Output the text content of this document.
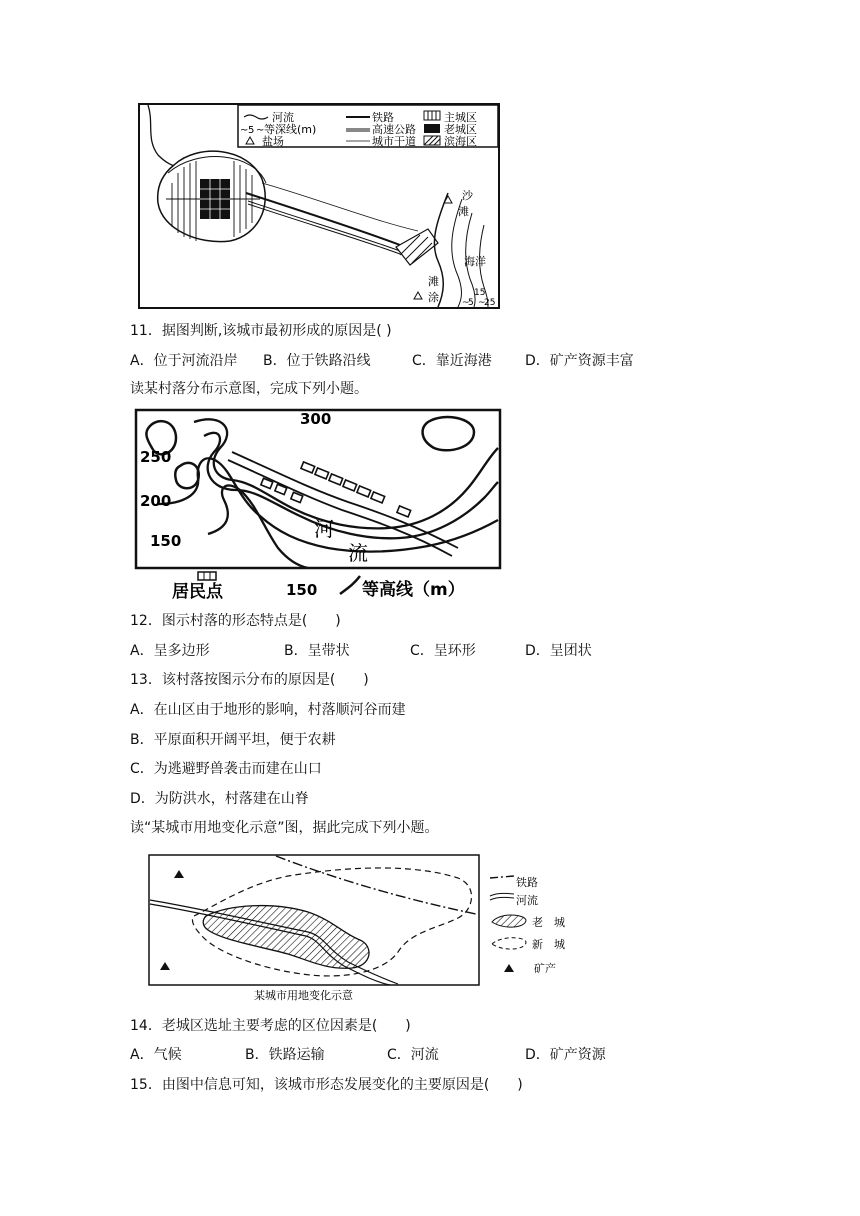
河流	铁路	主城区
~ 5 ~ 等深线(m)	高速公路	老城区
盐场	城市干道	滨海区
沙
滩
海洋
滩
涂	15
~
5 ~
25
11．据图判断,该城市最初形成的原因是( )
A．位于河流沿岸 B．位于铁路沿线	C．靠近海港 D．矿产资源丰富
读某村落分布示意图，完成下列小题。
300
250
200
150	河
流
居民点	150	等高线（m）
12．图示村落的形态特点是(　　)
A．呈多边形	B．呈带状	C．呈环形	D．呈团状
13．该村落按图示分布的原因是(　　)
A．在山区由于地形的影响，村落顺河谷而建
B．平原面积开阔平坦，便于农耕
C．为逃避野兽袭击而建在山口
D．为防洪水，村落建在山脊
读“某城市用地变化示意”图，据此完成下列小题。
铁路
河流
老　城
新　城
矿产
某城市用地变化示意
14．老城区选址主要考虑的区位因素是(　　)
A．气候	B．铁路运输	C．河流	D．矿产资源
15．由图中信息可知，该城市形态发展变化的主要原因是(　　)
